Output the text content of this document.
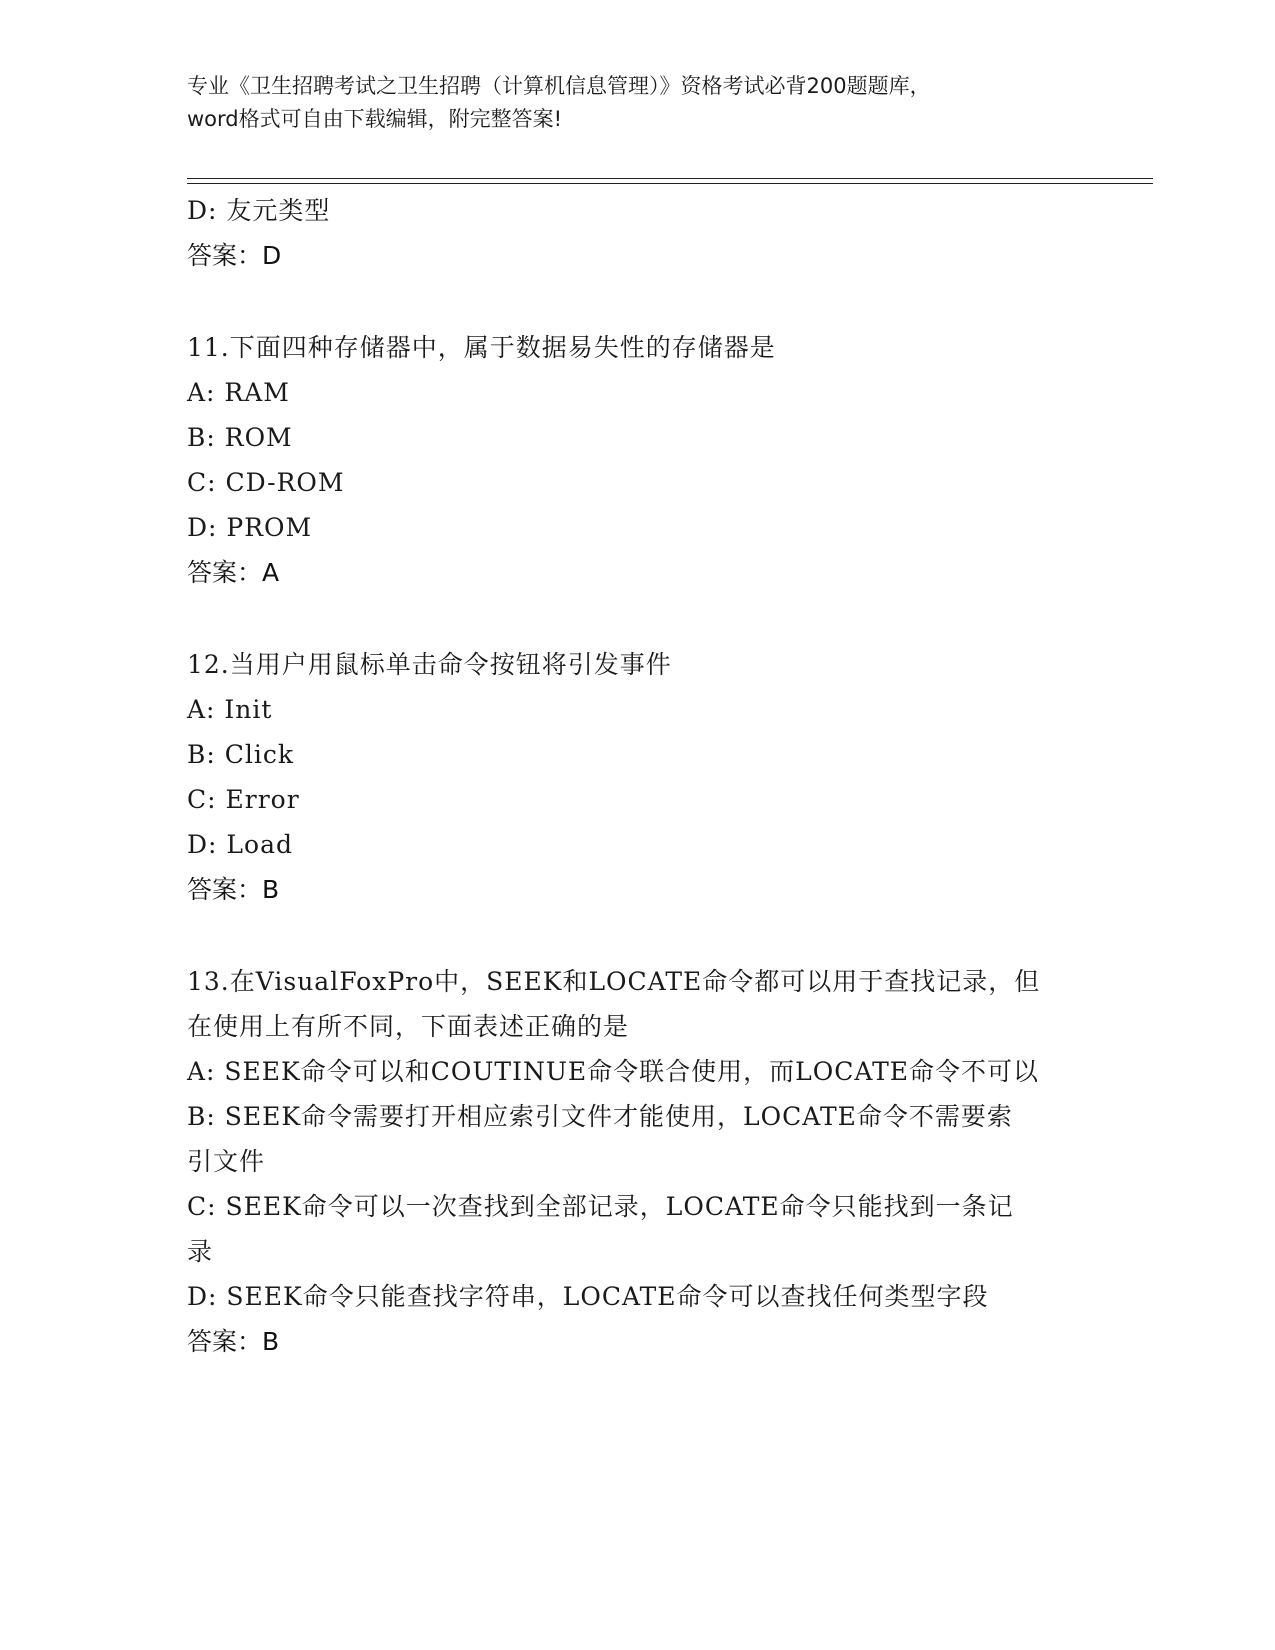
专业《卫生招聘考试之卫生招聘（计算机信息管理）》资格考试必背200题题库，
word格式可自由下载编辑，附完整答案!
D: 友元类型
答案：D
11.下面四种存储器中，属于数据易失性的存储器是
A: RAM
B: ROM
C: CD-ROM
D: PROM
答案：A
12.当用户用鼠标单击命令按钮将引发事件
A: Init
B: Click
C: Error
D: Load
答案：B
13.在VisualFoxPro中，SEEK和LOCATE命令都可以用于查找记录，但
在使用上有所不同，下面表述正确的是
A: SEEK命令可以和COUTINUE命令联合使用，而LOCATE命令不可以
B: SEEK命令需要打开相应索引文件才能使用，LOCATE命令不需要索
引文件
C: SEEK命令可以一次查找到全部记录，LOCATE命令只能找到一条记
录
D: SEEK命令只能查找字符串，LOCATE命令可以查找任何类型字段
答案：B
